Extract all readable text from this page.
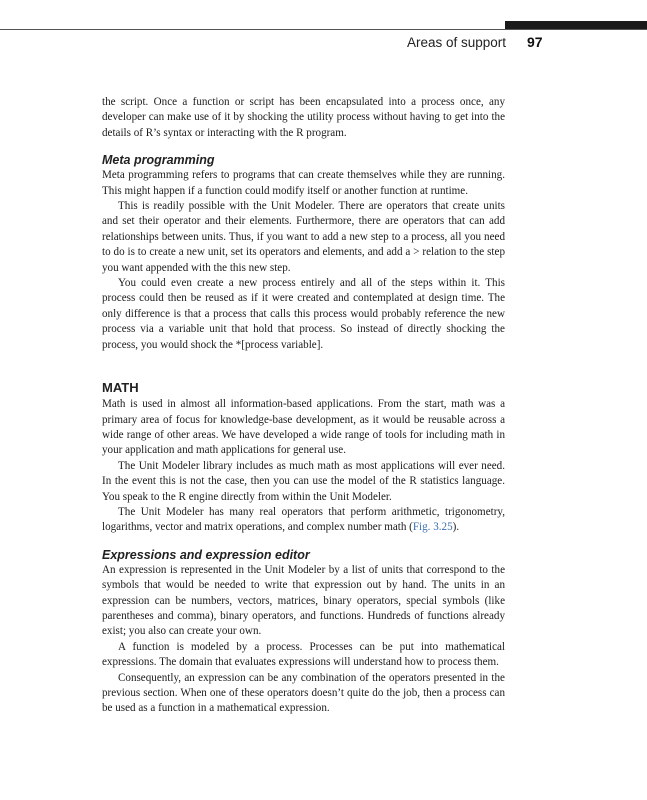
Areas of support 97

the script. Once a function or script has been encapsulated into a process once, any developer can make use of it by shocking the utility process without having to get into the details of R’s syntax or interacting with the R program.

Meta programming

Meta programming refers to programs that can create themselves while they are running. This might happen if a function could modify itself or another function at runtime.

This is readily possible with the Unit Modeler. There are operators that create units and set their operator and their elements. Furthermore, there are operators that can add relationships between units. Thus, if you want to add a new step to a process, all you need to do is to create a new unit, set its operators and elements, and add a > relation to the step you want appended with the this new step.

You could even create a new process entirely and all of the steps within it. This process could then be reused as if it were created and contemplated at design time. The only difference is that a process that calls this process would probably reference the new process via a variable unit that hold that process. So instead of directly shocking the process, you would shock the *[process variable].

MATH

Math is used in almost all information-based applications. From the start, math was a primary area of focus for knowledge-base development, as it would be reusable across a wide range of other areas. We have developed a wide range of tools for including math in your application and math applications for general use.

The Unit Modeler library includes as much math as most applications will ever need. In the event this is not the case, then you can use the model of the R statistics language. You speak to the R engine directly from within the Unit Modeler.

The Unit Modeler has many real operators that perform arithmetic, trigonometry, logarithms, vector and matrix operations, and complex number math (Fig. 3.25).

Expressions and expression editor

An expression is represented in the Unit Modeler by a list of units that correspond to the symbols that would be needed to write that expression out by hand. The units in an expression can be numbers, vectors, matrices, binary operators, special symbols (like parentheses and comma), binary operators, and functions. Hundreds of functions already exist; you also can create your own.

A function is modeled by a process. Processes can be put into mathematical expressions. The domain that evaluates expressions will understand how to process them.

Consequently, an expression can be any combination of the operators presented in the previous section. When one of these operators doesn’t quite do the job, then a process can be used as a function in a mathematical expression.
